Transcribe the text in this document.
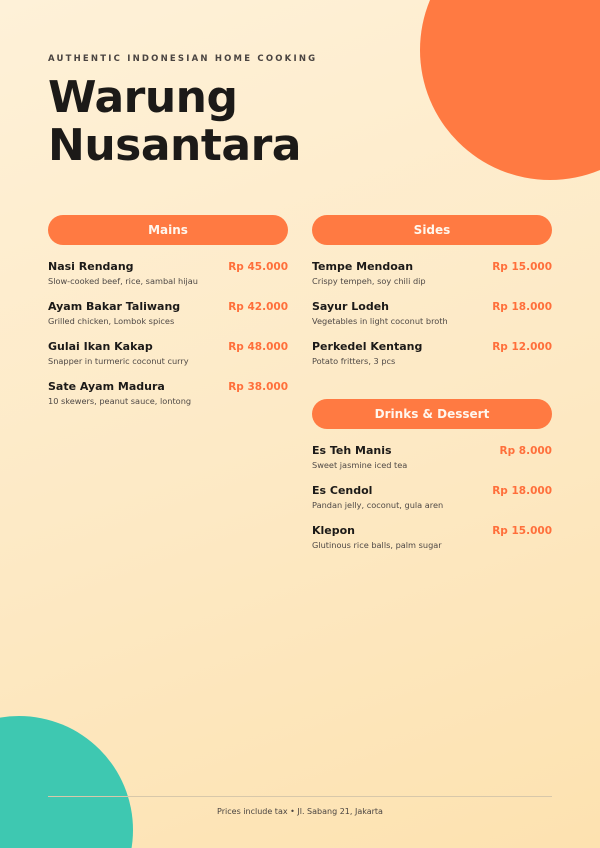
AUTHENTIC INDONESIAN HOME COOKING
Warung
Nusantara
Mains
Nasi Rendang	Rp 45.000
Slow-cooked beef, rice, sambal hijau
Ayam Bakar Taliwang	Rp 42.000
Grilled chicken, Lombok spices
Gulai Ikan Kakap	Rp 48.000
Snapper in turmeric coconut curry
Sate Ayam Madura	Rp 38.000
10 skewers, peanut sauce, lontong
Sides
Tempe Mendoan	Rp 15.000
Crispy tempeh, soy chili dip
Sayur Lodeh	Rp 18.000
Vegetables in light coconut broth
Perkedel Kentang	Rp 12.000
Potato fritters, 3 pcs
Drinks & Dessert
Es Teh Manis	Rp 8.000
Sweet jasmine iced tea
Es Cendol	Rp 18.000
Pandan jelly, coconut, gula aren
Klepon	Rp 15.000
Glutinous rice balls, palm sugar
Prices include tax • Jl. Sabang 21, Jakarta
